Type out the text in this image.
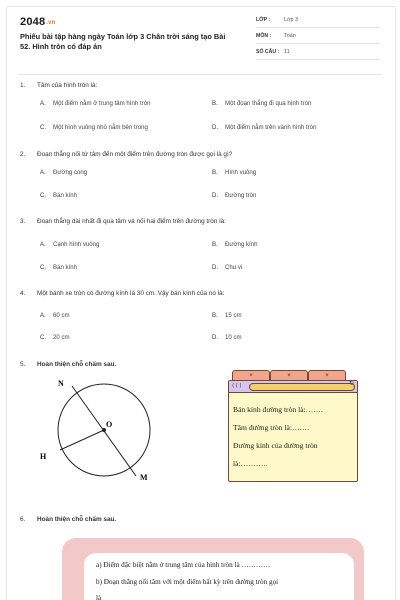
2048.vn
Phiếu bài tập hàng ngày Toán lớp 3 Chân trời sáng tạo Bài 52. Hình tròn có đáp án
LỚP :	Lớp 3
MÔN : Toán
SỐ CÂU : 11
1. Tâm của hình tròn là:
A. Một điểm nằm ở trung tâm hình tròn	B. Một đoạn thẳng đi qua hình tròn
C. Một hình vuông nhỏ nằm bên trong	D. Một điểm nằm trên vành hình tròn
2. Đoạn thẳng nối từ tâm đến một điểm trên đường tròn được gọi là gì?
A. Đường cong	B. Hình vuông
C. Bán kính	D. Đường tròn
3. Đoạn thẳng dài nhất đi qua tâm và nối hai điểm trên đường tròn là:
A. Cạnh hình vuông	B. Đường kính
C. Bán kính	D. Chu vi
4. Một bánh xe tròn có đường kính là 30 cm. Vậy bán kính của nó là:
A. 60 cm	B. 15 cm
C. 20 cm	D. 10 cm
5. Hoàn thiện chỗ chấm sau.
N
O
H
M
×	×	×
⟨ ⟨ ⟩	↻
Bán kính đường tròn là:…….
Tâm đường tròn là:…….
Đường kính của đường tròn
là:………..
6. Hoàn thiện chỗ chấm sau.
a) Điểm đặc biệt nằm ở trung tâm của hình tròn là …………
b) Đoạn thẳng nối tâm với một điểm bất kỳ trên đường tròn gọi
là
